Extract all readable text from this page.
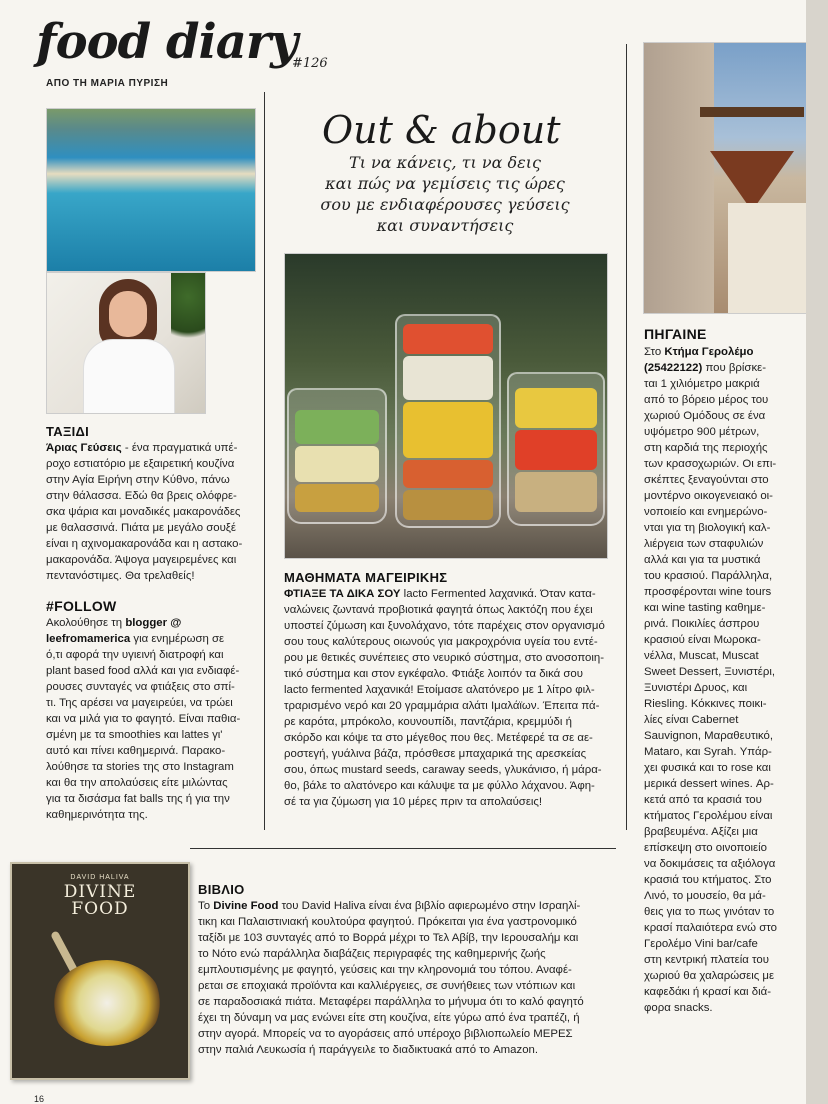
food diary
#126
ΑΠΟ ΤΗ ΜΑΡΙΑ ΠΥΡΙΣΗ
ΤΑΞΙΔΙ
Άριας Γεύσεις - ένα πραγματικά υπέ-
ροχο εστιατόριο με εξαιρετική κουζίνα
στην Αγία Ειρήνη στην Κύθνο, πάνω
στην θάλασσα. Εδώ θα βρεις ολόφρε-
σκα ψάρια και μοναδικές μακαρονάδες
με θαλασσινά. Πιάτα με μεγάλο σουξέ
είναι η αχινομακαρονάδα και η αστακο-
μακαρονάδα. Άψογα μαγειρεμένες και
πεντανόστιμες. Θα τρελαθείς!
#FOLLOW
Ακολούθησε τη blogger @
leefromamerica για ενημέρωση σε
ό,τι αφορά την υγιεινή διατροφή και
plant based food αλλά και για ενδιαφέ-
ρουσες συνταγές να φτιάξεις στο σπί-
τι. Της αρέσει να μαγειρεύει, να τρώει
και να μιλά για το φαγητό. Είναι παθια-
σμένη με τα smoothies και lattes γι'
αυτό και πίνει καθημερινά. Παρακο-
λούθησε τα stories της στο Instagram
και θα την απολαύσεις είτε μιλώντας
για τα δισάσμα fat balls της ή για την
καθημερινότητα της.
Out & about
Τι να κάνεις, τι να δεις
και πώς να γεμίσεις τις ώρες
σου με ενδιαφέρουσες γεύσεις
και συναντήσεις
ΜΑΘΗΜΑΤΑ ΜΑΓΕΙΡΙΚΗΣ
ΦΤΙΑΞΕ ΤΑ ΔΙΚΑ ΣΟΥ lacto Fermented λαχανικά. Όταν κατα-
ναλώνεις ζωντανά προβιοτικά φαγητά όπως λακτόζη που έχει
υποστεί ζύμωση και ξυνολάχανο, τότε παρέχεις στον οργανισμό
σου τους καλύτερους οιωνούς για μακροχρόνια υγεία του εντέ-
ρου με θετικές συνέπειες στο νευρικό σύστημα, στο ανοσοποιη-
τικό σύστημα και στον εγκέφαλο. Φτιάξε λοιπόν τα δικά σου
lacto fermented λαχανικά! Ετοίμασε αλατόνερο με 1 λίτρο φιλ-
τραρισμένο νερό και 20 γραμμάρια αλάτι Ιμαλάϊων. Έπειτα πά-
ρε καρότα, μπρόκολο, κουνουπίδι, παντζάρια, κρεμμύδι ή
σκόρδο και κόψε τα στο μέγεθος που θες. Μετέφερέ τα σε αε-
ροστεγή, γυάλινα βάζα, πρόσθεσε μπαχαρικά της αρεσκείας
σου, όπως mustard seeds, caraway seeds, γλυκάνισο, ή μάρα-
θο, βάλε το αλατόνερο και κάλυψε τα με φύλλο λάχανου. Άφη-
σέ τα για ζύμωση για 10 μέρες πριν τα απολαύσεις!
ΠΗΓΑΙΝΕ
Στο Κτήμα Γερολέμο
(25422122) που βρίσκε-
ται 1 χιλιόμετρο μακριά
από το βόρειο μέρος του
χωριού Ομόδους σε ένα
υψόμετρο 900 μέτρων,
στη καρδιά της περιοχής
των κρασοχωριών. Οι επι-
σκέπτες ξεναγούνται στο
μοντέρνο οικογενειακό οι-
νοποιείο και ενημερώνο-
νται για τη βιολογική καλ-
λιέργεια των σταφυλιών
αλλά και για τα μυστικά
του κρασιού. Παράλληλα,
προσφέρονται wine tours
και wine tasting καθημε-
ρινά. Ποικιλίες άσπρου
κρασιού είναι Μωροκα-
νέλλα, Muscat, Muscat
Sweet Dessert, Ξυνιστέρι,
Ξυνιστέρι Δρυος, και
Riesling. Κόκκινες ποικι-
λίες είναι Cabernet
Sauvignon, Μαραθευτικό,
Mataro, και Syrah. Υπάρ-
χει φυσικά και το rose και
μερικά dessert wines. Αρ-
κετά από τα κρασιά του
κτήματος Γερολέμου είναι
βραβευμένα. Αξίζει μια
επίσκεψη στο οινοποιείο
να δοκιμάσεις τα αξιόλογα
κρασιά του κτήματος. Στο
Λινό, το μουσείο, θα μά-
θεις για το πως γινόταν το
κρασί παλαιότερα ενώ στο
Γερολέμο Vini bar/cafe
στη κεντρική πλατεία του
χωριού θα χαλαρώσεις με
καφεδάκι ή κρασί και διά-
φορα snacks.
DAVID HALIVA
DIVINE
FOOD
ΒΙΒΛΙΟ
Το Divine Food του David Haliva είναι ένα βιβλίο αφιερωμένο στην Ισραηλί-
τικη και Παλαιστινιακή κουλτούρα φαγητού. Πρόκειται για ένα γαστρονομικό
ταξίδι με 103 συνταγές από το Βορρά μέχρι το Τελ Αβίβ, την Ιερουσαλήμ και
το Νότο ενώ παράλληλα διαβάζεις περιγραφές της καθημερινής ζωής
εμπλουτισμένης με φαγητό, γεύσεις και την κληρονομιά του τόπου. Αναφέ-
ρεται σε εποχιακά προϊόντα και καλλιέργειες, σε συνήθειες των ντόπιων και
σε παραδοσιακά πιάτα. Μεταφέρει παράλληλα το μήνυμα ότι το καλό φαγητό
έχει τη δύναμη να μας ενώνει είτε στη κουζίνα, είτε γύρω από ένα τραπέζι, ή
στην αγορά. Μπορείς να το αγοράσεις από υπέροχο βιβλιοπωλείο ΜΕΡΕΣ
στην παλιά Λευκωσία ή παράγγειλε το διαδικτυακά από το Amazon.
16
